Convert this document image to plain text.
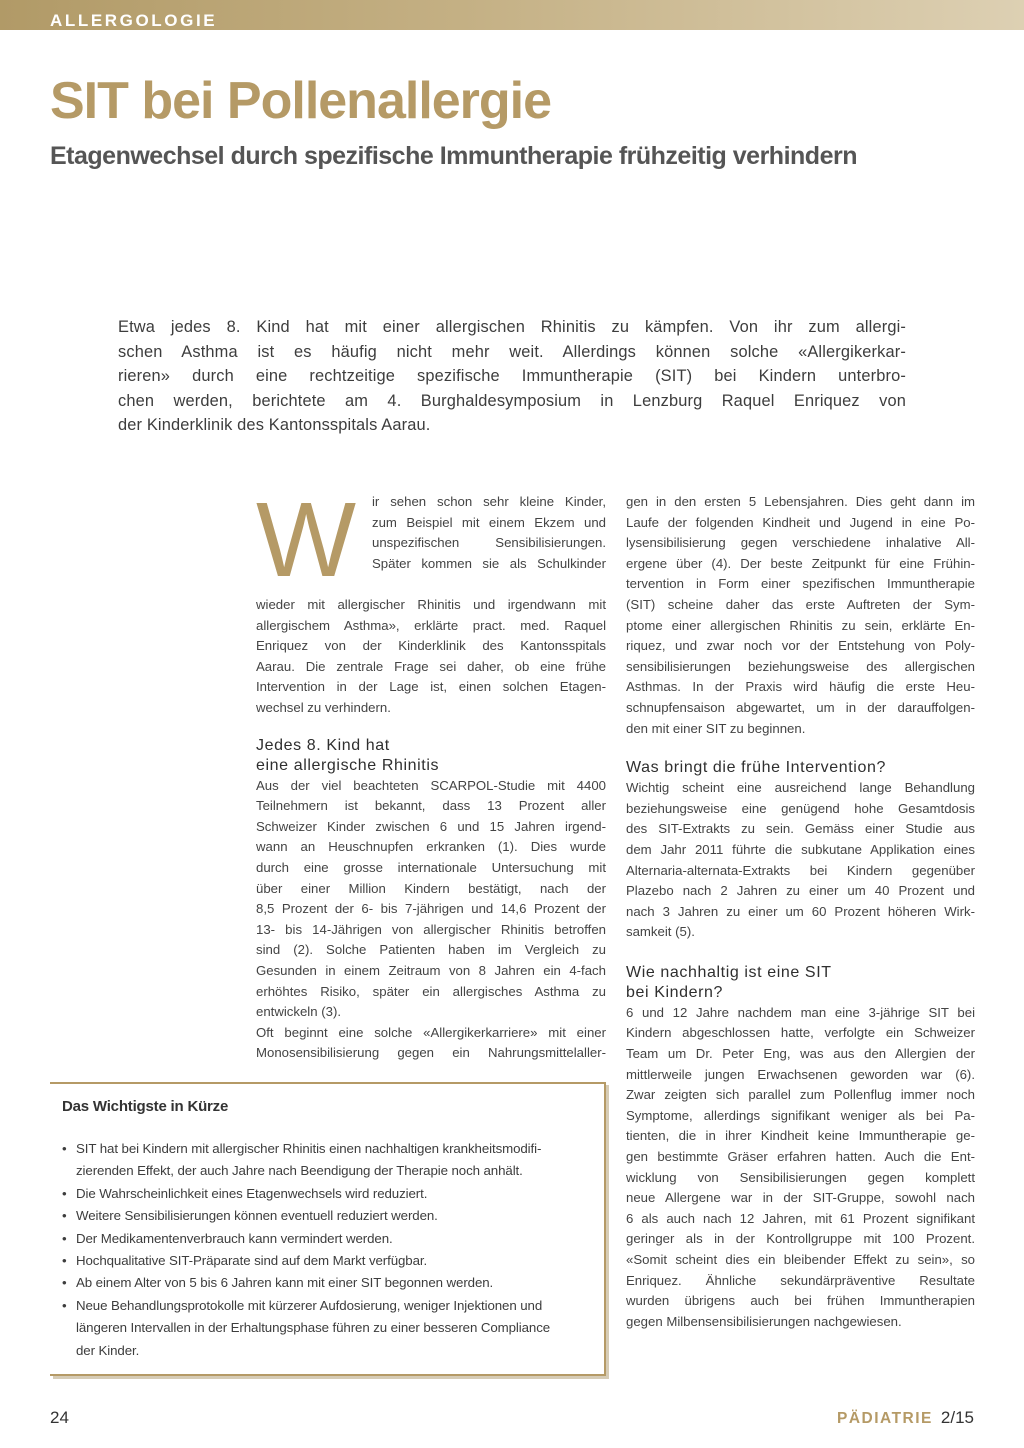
ALLERGOLOGIE
SIT bei Pollenallergie
Etagenwechsel durch spezifische Immuntherapie frühzeitig verhindern

Etwa jedes 8. Kind hat mit einer allergischen Rhinitis zu kämpfen. Von ihr zum allergi-
schen Asthma ist es häufig nicht mehr weit. Allerdings können solche «Allergikerkar-
rieren» durch eine rechtzeitige spezifische Immuntherapie (SIT) bei Kindern unterbro-
chen werden, berichtete am 4. Burghaldesymposium in Lenzburg Raquel Enriquez von
der Kinderklinik des Kantonsspitals Aarau.

W ir sehen schon sehr kleine Kinder,
zum Beispiel mit einem Ekzem und
unspezifischen Sensibilisierungen.
Später kommen sie als Schulkinder
wieder mit allergischer Rhinitis und irgendwann mit
allergischem Asthma», erklärte pract. med. Raquel
Enriquez von der Kinderklinik des Kantonsspitals
Aarau. Die zentrale Frage sei daher, ob eine frühe
Intervention in der Lage ist, einen solchen Etagen-
wechsel zu verhindern.
Jedes 8. Kind hat
eine allergische Rhinitis
Aus der viel beachteten SCARPOL-Studie mit 4400
Teilnehmern ist bekannt, dass 13 Prozent aller
Schweizer Kinder zwischen 6 und 15 Jahren irgend-
wann an Heuschnupfen erkranken (1). Dies wurde
durch eine grosse internationale Untersuchung mit
über einer Million Kindern bestätigt, nach der
8,5 Prozent der 6- bis 7-jährigen und 14,6 Prozent der
13- bis 14-Jährigen von allergischer Rhinitis betroffen
sind (2). Solche Patienten haben im Vergleich zu
Gesunden in einem Zeitraum von 8 Jahren ein 4-fach
erhöhtes Risiko, später ein allergisches Asthma zu
entwickeln (3).
Oft beginnt eine solche «Allergikerkarriere» mit einer
Monosensibilisierung gegen ein Nahrungsmittelaller-
gen in den ersten 5 Lebensjahren. Dies geht dann im
Laufe der folgenden Kindheit und Jugend in eine Po-
lysensibilisierung gegen verschiedene inhalative All-
ergene über (4). Der beste Zeitpunkt für eine Frühin-
tervention in Form einer spezifischen Immuntherapie
(SIT) scheine daher das erste Auftreten der Sym-
ptome einer allergischen Rhinitis zu sein, erklärte En-
riquez, und zwar noch vor der Entstehung von Poly-
sensibilisierungen beziehungsweise des allergischen
Asthmas. In der Praxis wird häufig die erste Heu-
schnupfensaison abgewartet, um in der darauffolgen-
den mit einer SIT zu beginnen.
Was bringt die frühe Intervention?
Wichtig scheint eine ausreichend lange Behandlung
beziehungsweise eine genügend hohe Gesamtdosis
des SIT-Extrakts zu sein. Gemäss einer Studie aus
dem Jahr 2011 führte die subkutane Applikation eines
Alternaria-alternata-Extrakts bei Kindern gegenüber
Plazebo nach 2 Jahren zu einer um 40 Prozent und
nach 3 Jahren zu einer um 60 Prozent höheren Wirk-
samkeit (5).
Wie nachhaltig ist eine SIT
bei Kindern?
6 und 12 Jahre nachdem man eine 3-jährige SIT bei
Kindern abgeschlossen hatte, verfolgte ein Schweizer
Team um Dr. Peter Eng, was aus den Allergien der
mittlerweile jungen Erwachsenen geworden war (6).
Zwar zeigten sich parallel zum Pollenflug immer noch
Symptome, allerdings signifikant weniger als bei Pa-
tienten, die in ihrer Kindheit keine Immuntherapie ge-
gen bestimmte Gräser erfahren hatten. Auch die Ent-
wicklung von Sensibilisierungen gegen komplett
neue Allergene war in der SIT-Gruppe, sowohl nach
6 als auch nach 12 Jahren, mit 61 Prozent signifikant
geringer als in der Kontrollgruppe mit 100 Prozent.
«Somit scheint dies ein bleibender Effekt zu sein», so
Enriquez. Ähnliche sekundärpräventive Resultate
wurden übrigens auch bei frühen Immuntherapien
gegen Milbensensibilisierungen nachgewiesen.
Das Wichtigste in Kürze
• SIT hat bei Kindern mit allergischer Rhinitis einen nachhaltigen krankheitsmodifi-
zierenden Effekt, der auch Jahre nach Beendigung der Therapie noch anhält.
• Die Wahrscheinlichkeit eines Etagenwechsels wird reduziert.
• Weitere Sensibilisierungen können eventuell reduziert werden.
• Der Medikamentenverbrauch kann vermindert werden.
• Hochqualitative SIT-Präparate sind auf dem Markt verfügbar.
• Ab einem Alter von 5 bis 6 Jahren kann mit einer SIT begonnen werden.
• Neue Behandlungsprotokolle mit kürzerer Aufdosierung, weniger Injektionen und
längeren Intervallen in der Erhaltungsphase führen zu einer besseren Compliance
der Kinder.
24	PÄDIATRIE 2/15
